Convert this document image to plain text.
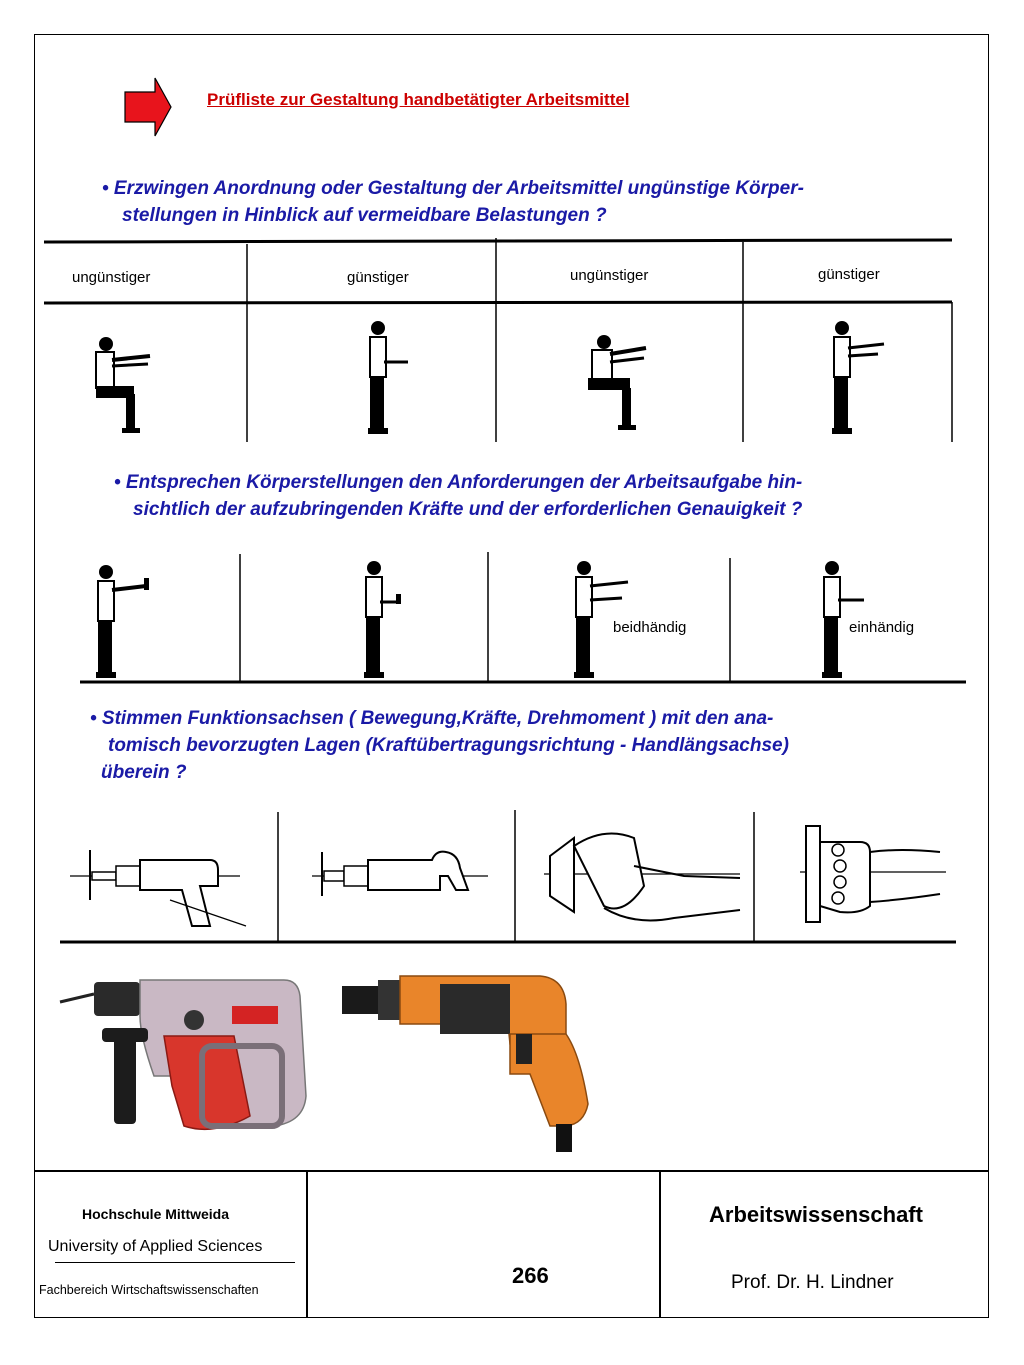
Prüfliste zur Gestaltung handbetätigter Arbeitsmittel
• Erzwingen Anordnung oder Gestaltung der Arbeitsmittel ungünstige Körper-
stellungen in Hinblick auf vermeidbare Belastungen ?
ungünstiger	günstiger	ungünstiger	günstiger
• Entsprechen Körperstellungen den Anforderungen der Arbeitsaufgabe hin-
sichtlich der aufzubringenden Kräfte und der erforderlichen Genauigkeit ?
beidhändig	einhändig
• Stimmen Funktionsachsen ( Bewegung,Kräfte, Drehmoment ) mit den ana-
tomisch bevorzugten Lagen (Kraftübertragungsrichtung - Handlängsachse)
überein ?
Hochschule Mittweida
University of Applied Sciences
Fachbereich Wirtschaftswissenschaften
266
Arbeitswissenschaft
Prof. Dr. H. Lindner
